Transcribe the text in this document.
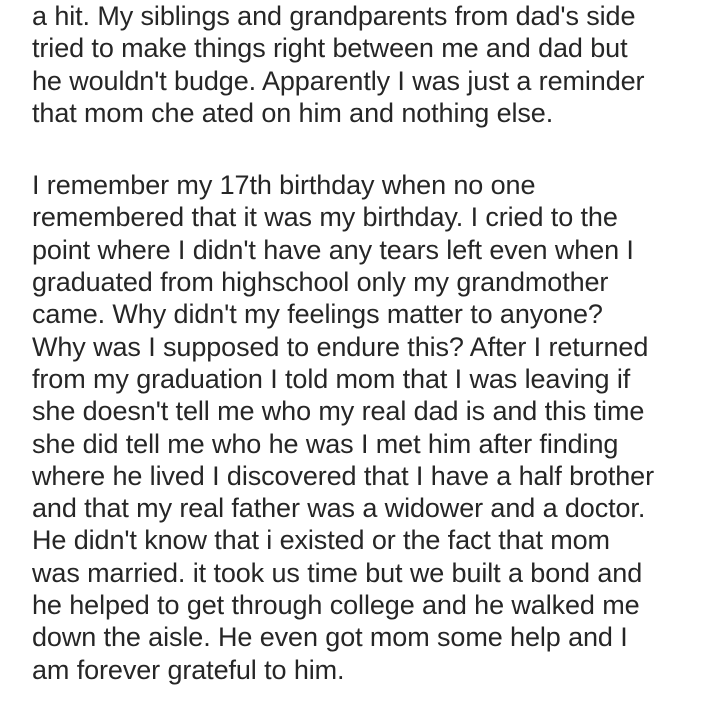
a hit. My siblings and grandparents from dad's side
tried to make things right between me and dad but
he wouldn't budge. Apparently I was just a reminder
that mom che ated on him and nothing else.
I remember my 17th birthday when no one
remembered that it was my birthday. I cried to the
point where I didn't have any tears left even when I
graduated from highschool only my grandmother
came. Why didn't my feelings matter to anyone?
Why was I supposed to endure this? After I returned
from my graduation I told mom that I was leaving if
she doesn't tell me who my real dad is and this time
she did tell me who he was I met him after finding
where he lived I discovered that I have a half brother
and that my real father was a widower and a doctor.
He didn't know that i existed or the fact that mom
was married. it took us time but we built a bond and
he helped to get through college and he walked me
down the aisle. He even got mom some help and I
am forever grateful to him.
